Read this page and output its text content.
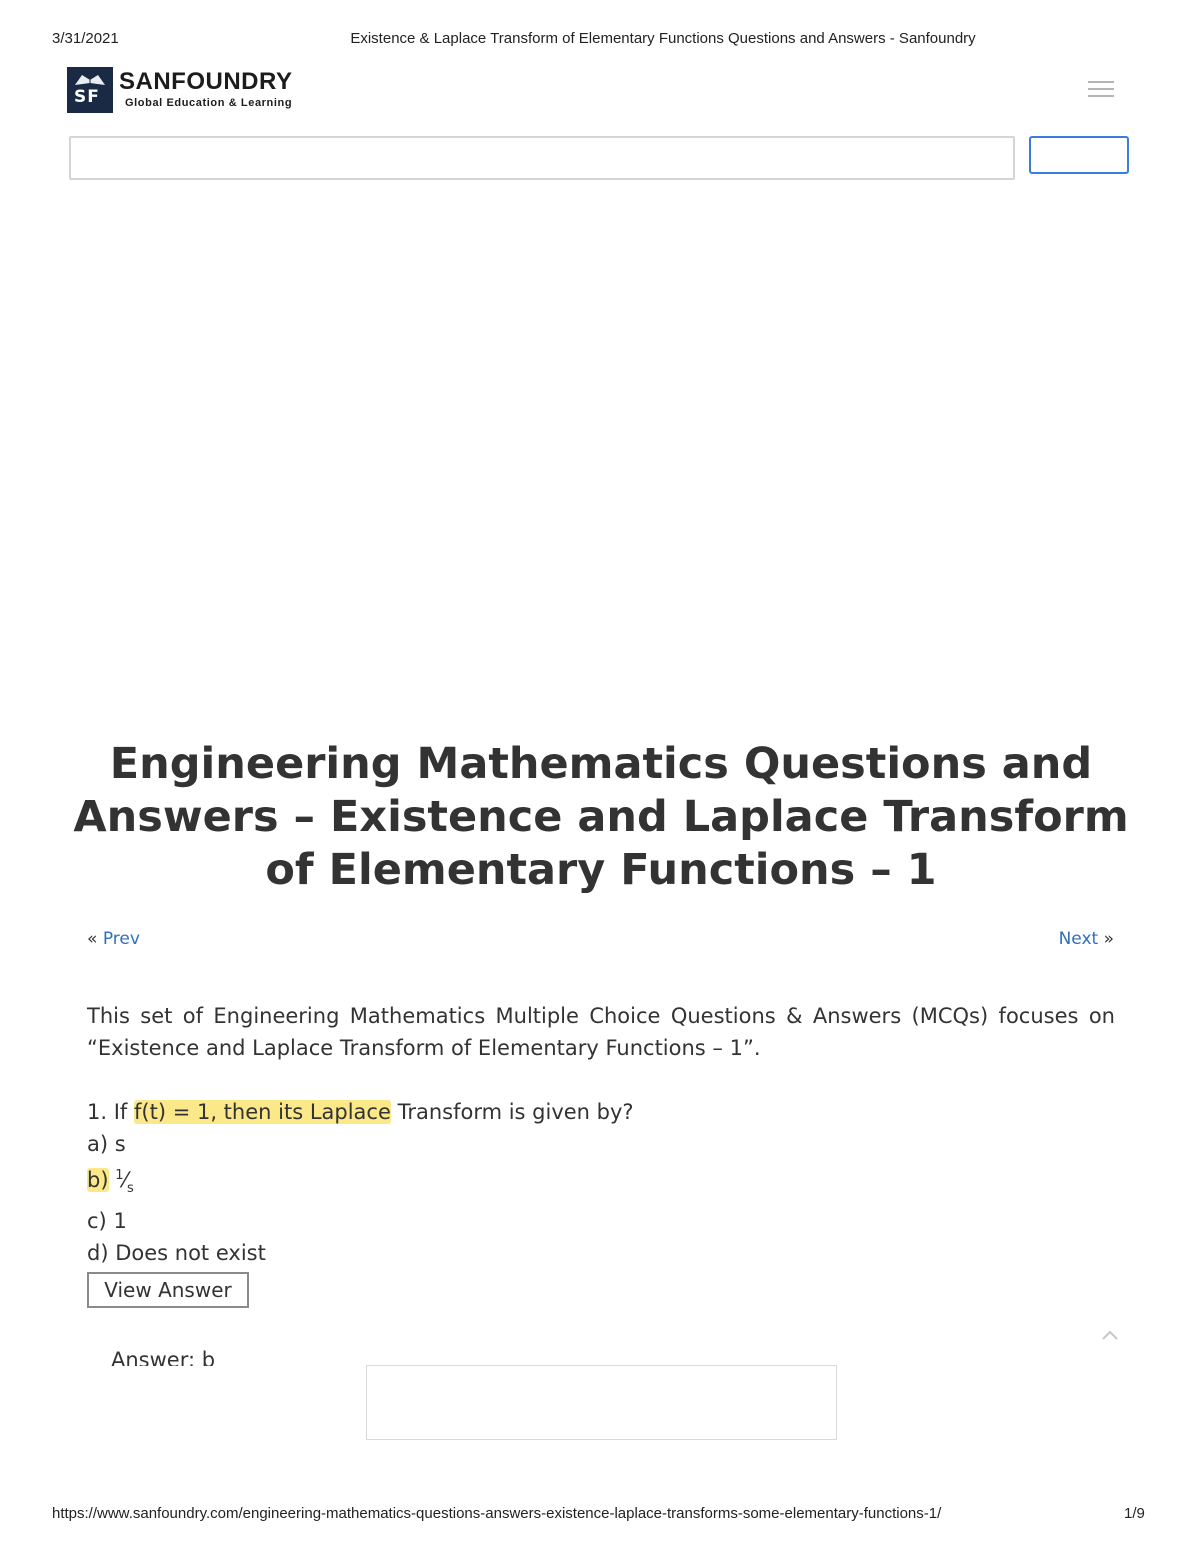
3/31/2021	Existence & Laplace Transform of Elementary Functions Questions and Answers - Sanfoundry
SF
SANFOUNDRY
Global Education & Learning
Engineering Mathematics Questions and Answers – Existence and Laplace Transform of Elementary Functions – 1
« Prev	Next »

This set of Engineering Mathematics Multiple Choice Questions & Answers (MCQs) focuses on “Existence and Laplace Transform of Elementary Functions – 1”.

1. If f(t) = 1, then its Laplace Transform is given by?
a) s
b) $^1⁄_s$
c) 1
d) Does not exist
View Answer
Answer: b
https://www.sanfoundry.com/engineering-mathematics-questions-answers-existence-laplace-transforms-some-elementary-functions-1/	1/9
